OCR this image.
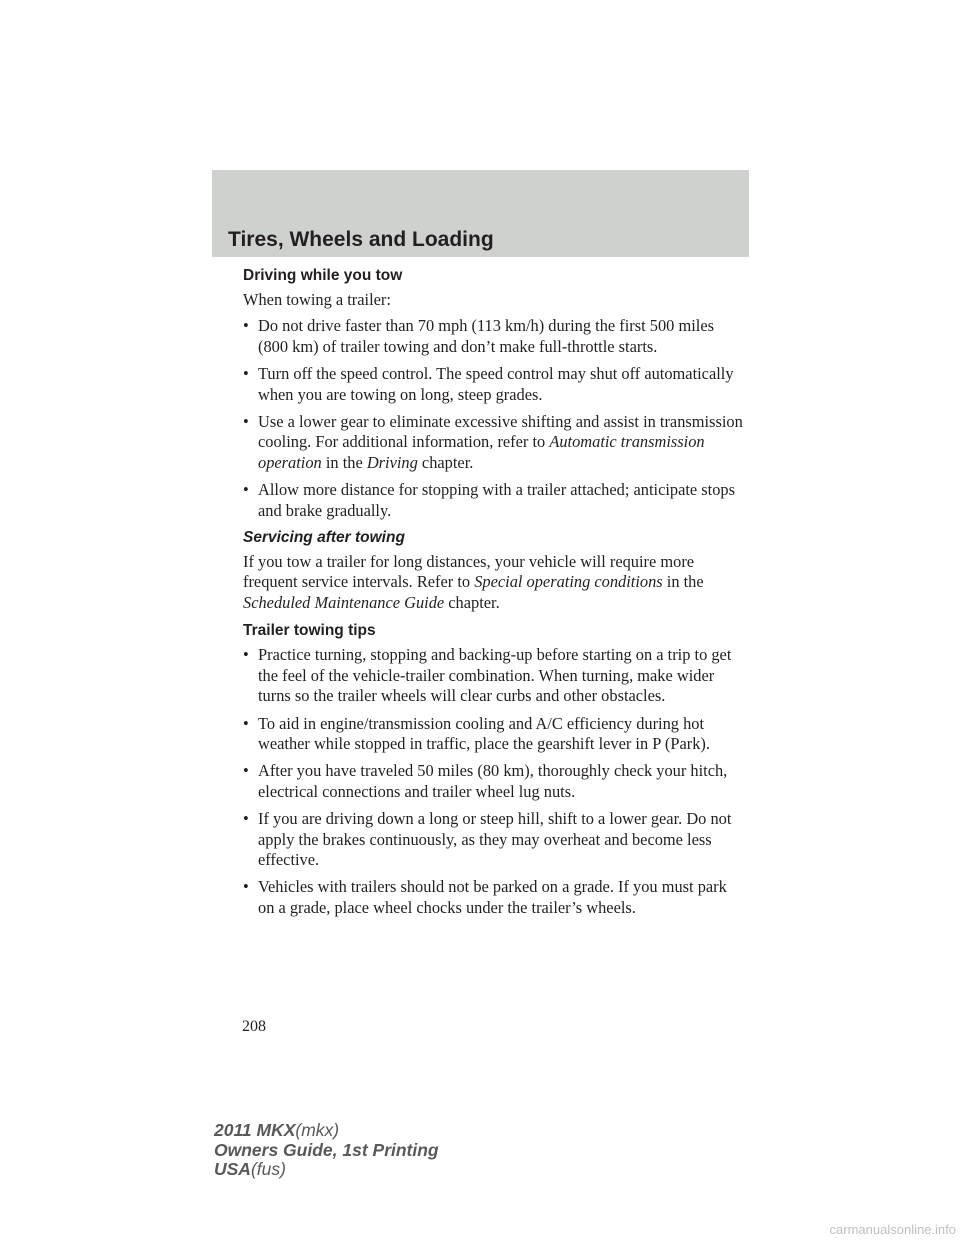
Tires, Wheels and Loading
Driving while you tow

When towing a trailer:

• Do not drive faster than 70 mph (113 km/h) during the first 500 miles (800 km) of trailer towing and don’t make full-throttle starts.
• Turn off the speed control. The speed control may shut off automatically when you are towing on long, steep grades.
• Use a lower gear to eliminate excessive shifting and assist in transmission cooling. For additional information, refer to Automatic transmission operation in the Driving chapter.
• Allow more distance for stopping with a trailer attached; anticipate stops and brake gradually.
Servicing after towing

If you tow a trailer for long distances, your vehicle will require more frequent service intervals. Refer to Special operating conditions in the Scheduled Maintenance Guide chapter.

Trailer towing tips
• Practice turning, stopping and backing-up before starting on a trip to get the feel of the vehicle-trailer combination. When turning, make wider turns so the trailer wheels will clear curbs and other obstacles.
• To aid in engine/transmission cooling and A/C efficiency during hot weather while stopped in traffic, place the gearshift lever in P (Park).
• After you have traveled 50 miles (80 km), thoroughly check your hitch, electrical connections and trailer wheel lug nuts.
• If you are driving down a long or steep hill, shift to a lower gear. Do not apply the brakes continuously, as they may overheat and become less effective.
• Vehicles with trailers should not be parked on a grade. If you must park on a grade, place wheel chocks under the trailer’s wheels.
208
2011 MKX(mkx)
Owners Guide, 1st Printing
USA(fus)
carmanualsonline.info
